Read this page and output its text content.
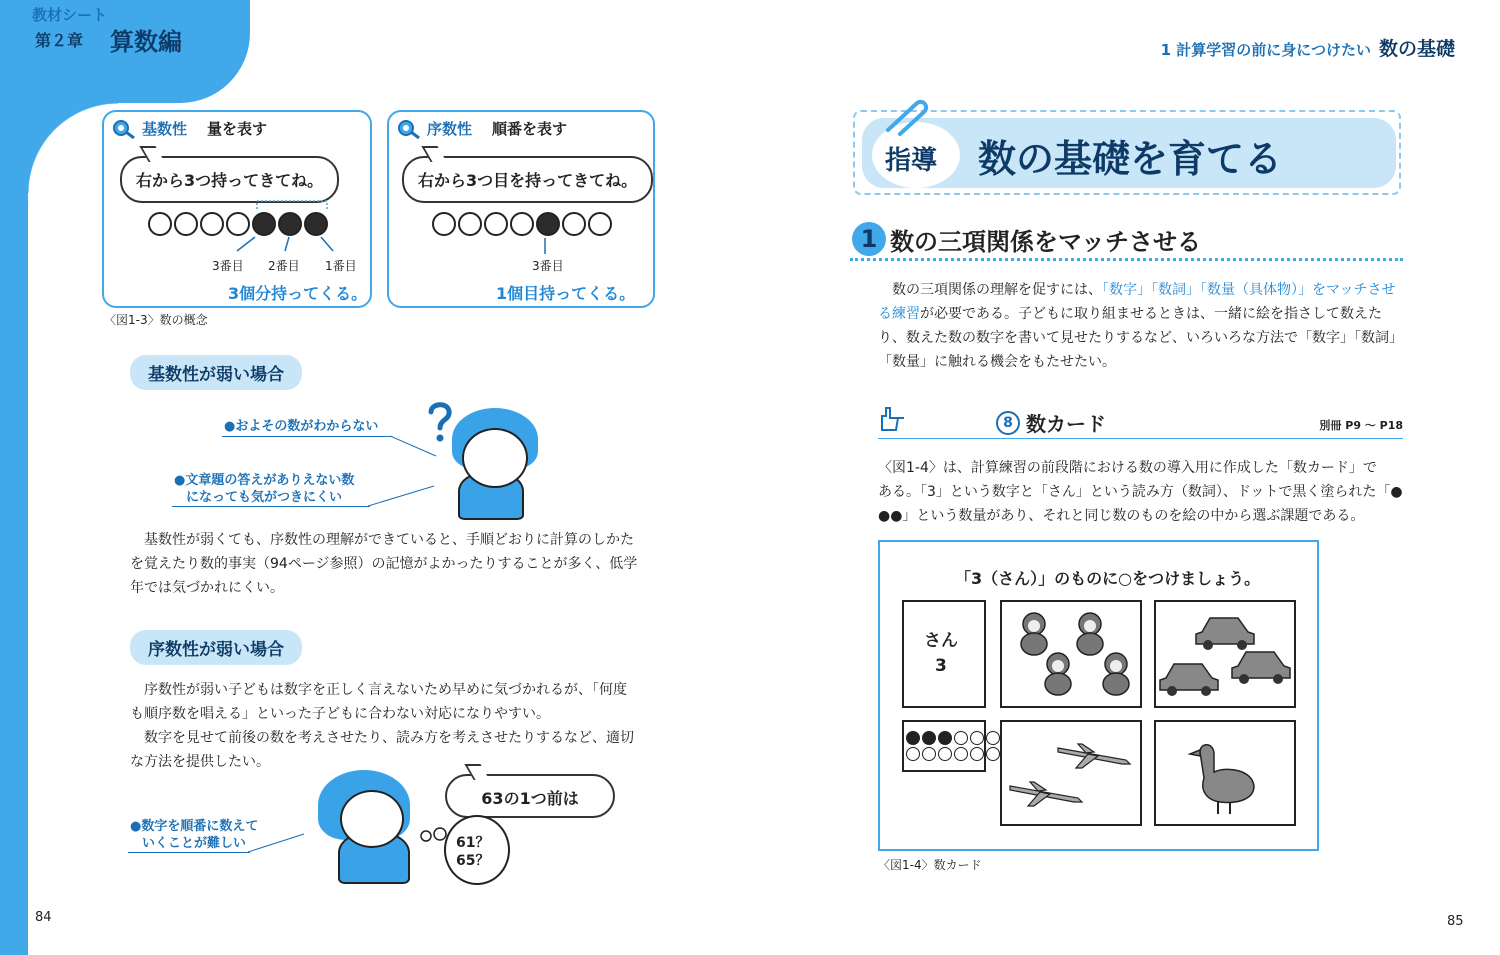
第２章 算数編
基数性 量を表す
右から3つ持ってきてね。
3番目 2番目 1番目
3個分持ってくる。
序数性 順番を表す
右から3つ目を持ってきてね。
3番目
1個目持ってくる。
〈図1-3〉数の概念
基数性が弱い場合
●およその数がわからない
●文章題の答えがありえない数
になっても気がつきにくい
基数性が弱くても、序数性の理解ができていると、手順どおりに計算のしかた
を覚えたり数的事実（94ページ参照）の記憶がよかったりすることが多く、低学
年では気づかれにくい。
序数性が弱い場合
序数性が弱い子どもは数字を正しく言えないため早めに気づかれるが、「何度
も順序数を唱える」といった子どもに合わない対応になりやすい。
数字を見せて前後の数を考えさせたり、読み方を考えさせたりするなど、適切
な方法を提供したい。
●数字を順番に数えて
いくことが難しい
63の1つ前は
61？
65？
84
1 計算学習の前に身につけたい 数の基礎
指導 数の基礎を育てる
1 数の三項関係をマッチさせる
数の三項関係の理解を促すには、「数字」「数詞」「数量（具体物）」をマッチさせ
る練習が必要である。子どもに取り組ませるときは、一緒に絵を指さして数えた
り、数えた数の数字を書いて見せたりするなど、いろいろな方法で「数字」「数詞」
「数量」に触れる機会をもたせたい。
教材シート
8 数カード	別冊 P9 ～ P18
〈図1-4〉は、計算練習の前段階における数の導入用に作成した「数カード」で
ある。「3」という数字と「さん」という読み方（数詞）、ドットで黒く塗られた「●
●●」という数量があり、それと同じ数のものを絵の中から選ぶ課題である。
「3（さん）」のものに○をつけましょう。
さん
3
〈図1-4〉数カード
85
